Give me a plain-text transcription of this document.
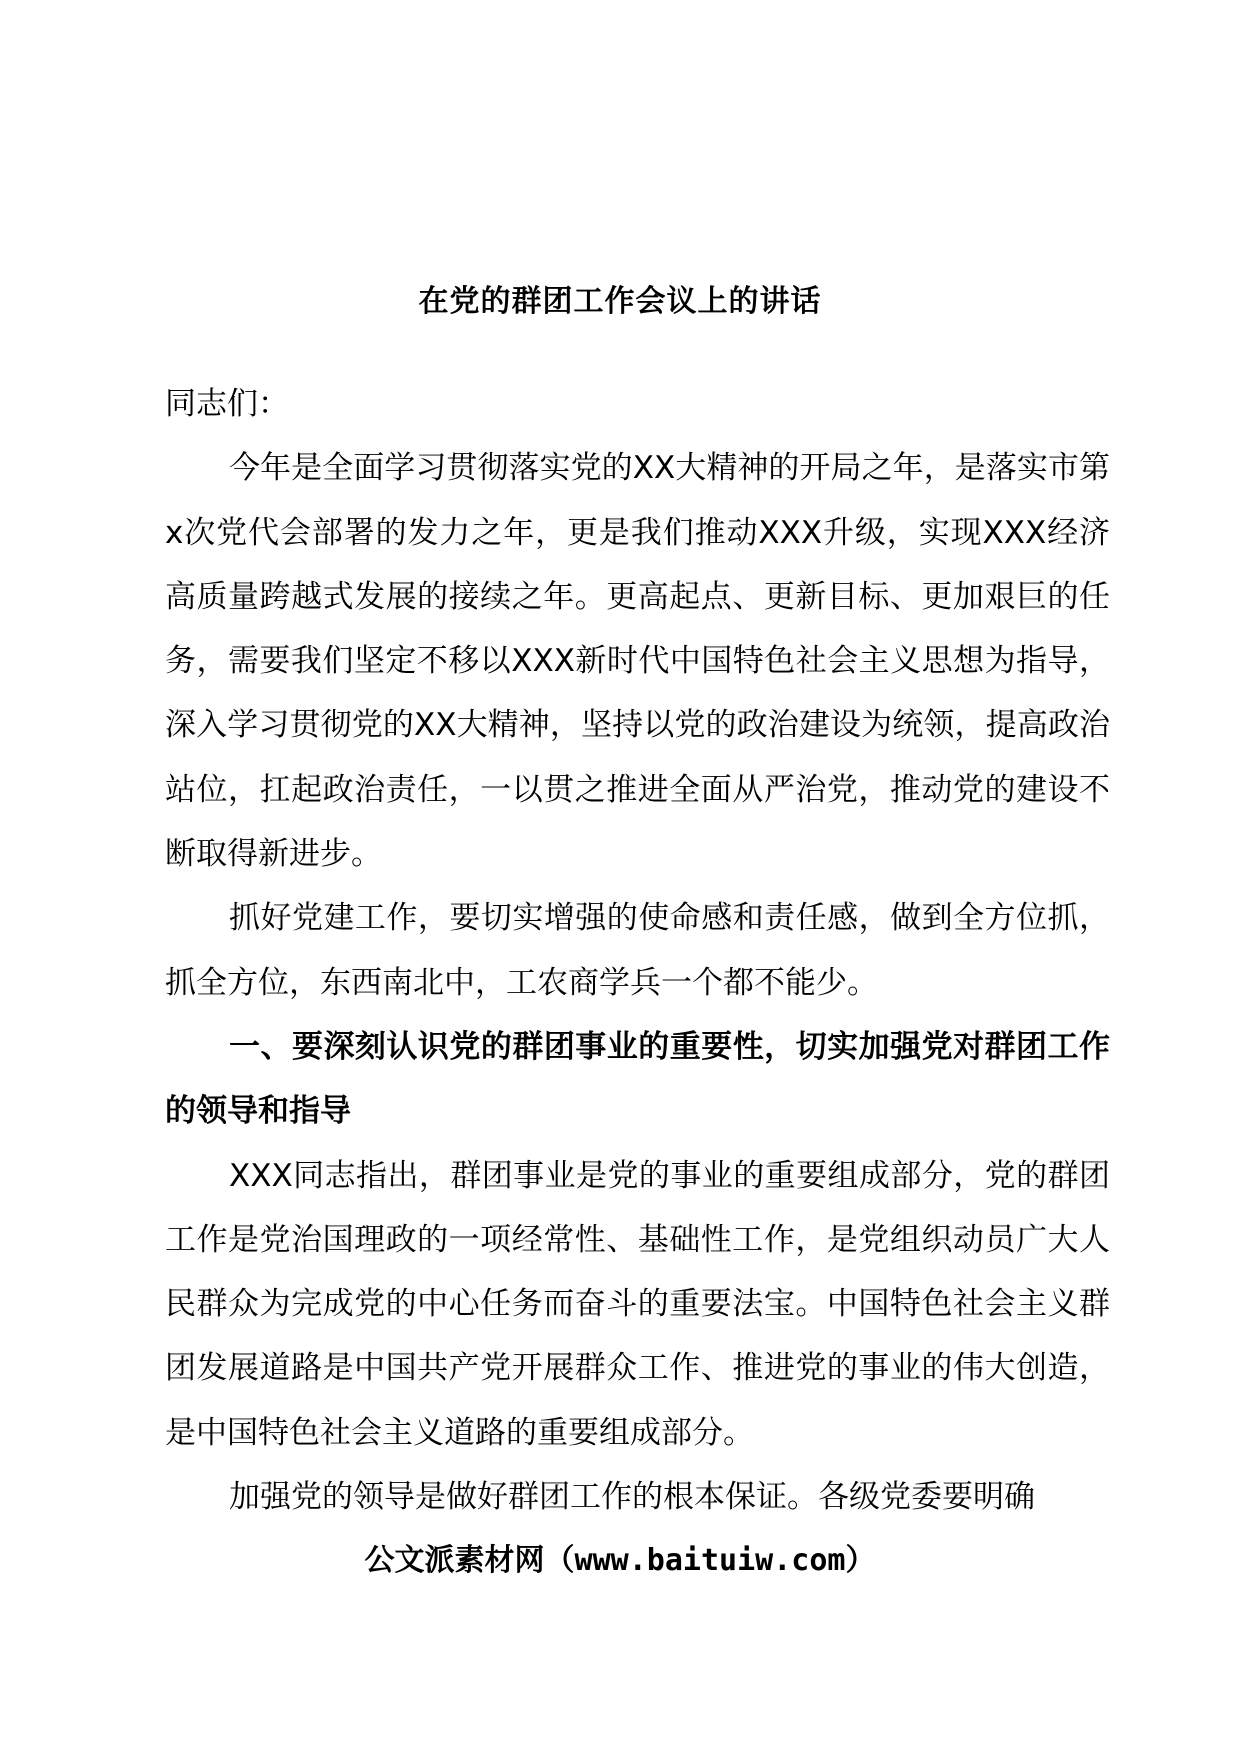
在党的群团工作会议上的讲话

同志们：

今年是全面学习贯彻落实党的XX大精神的开局之年，是落实市第x次党代会部署的发力之年，更是我们推动XXX升级，实现XXX经济高质量跨越式发展的接续之年。更高起点、更新目标、更加艰巨的任务，需要我们坚定不移以XXX新时代中国特色社会主义思想为指导，深入学习贯彻党的XX大精神，坚持以党的政治建设为统领，提高政治站位，扛起政治责任，一以贯之推进全面从严治党，推动党的建设不断取得新进步。

抓好党建工作，要切实增强的使命感和责任感，做到全方位抓，抓全方位，东西南北中，工农商学兵一个都不能少。

一、要深刻认识党的群团事业的重要性，切实加强党对群团工作的领导和指导

XXX同志指出，群团事业是党的事业的重要组成部分，党的群团工作是党治国理政的一项经常性、基础性工作，是党组织动员广大人民群众为完成党的中心任务而奋斗的重要法宝。中国特色社会主义群团发展道路是中国共产党开展群众工作、推进党的事业的伟大创造，是中国特色社会主义道路的重要组成部分。

加强党的领导是做好群团工作的根本保证。各级党委要明确

公文派素材网（www.baituiw.com）
